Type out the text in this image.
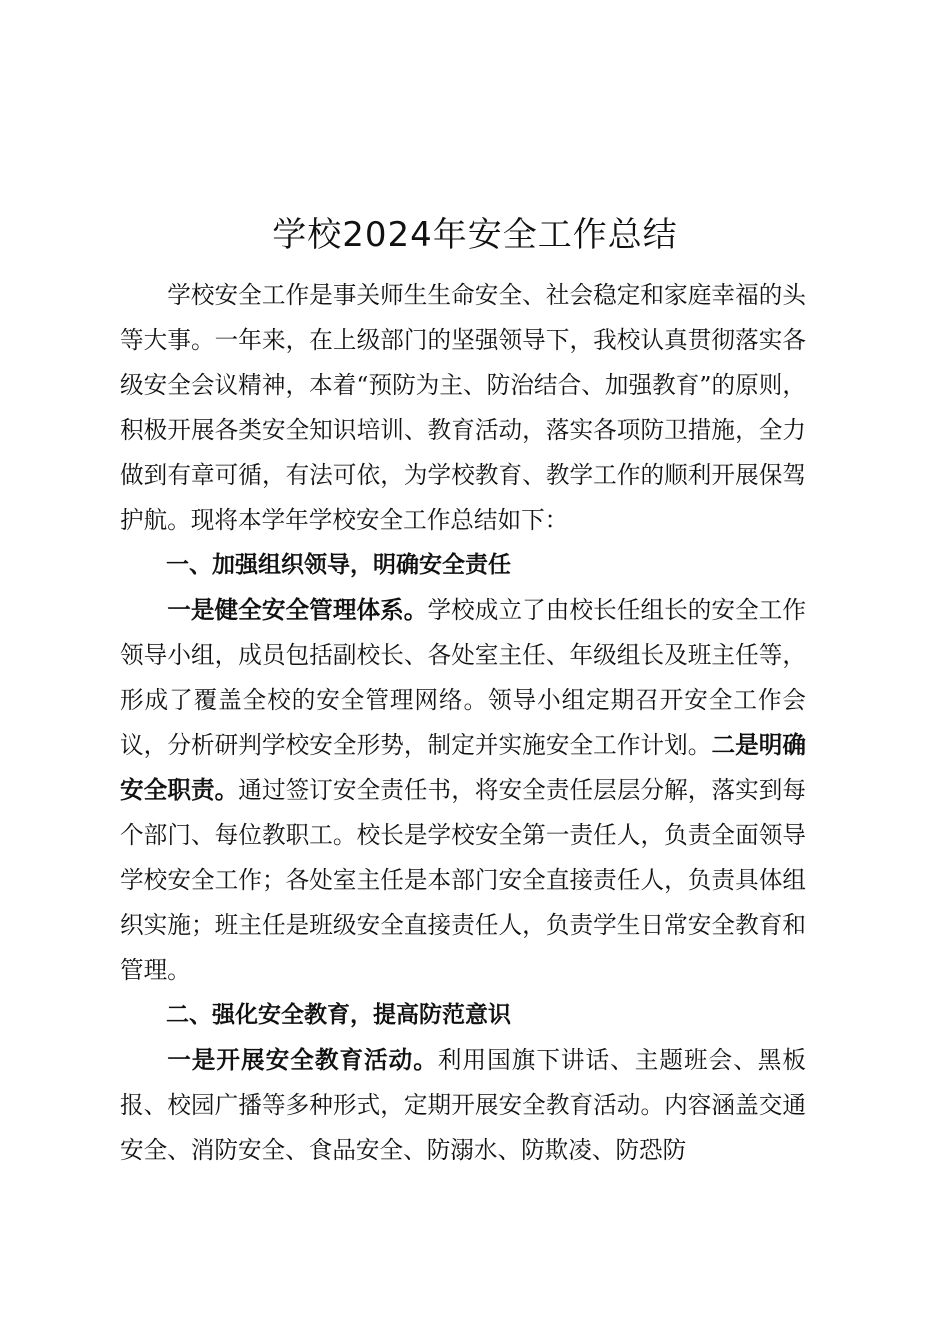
学校2024年安全工作总结

学校安全工作是事关师生生命安全、社会稳定和家庭幸福的头等大事。一年来，在上级部门的坚强领导下，我校认真贯彻落实各级安全会议精神，本着“预防为主、防治结合、加强教育”的原则，积极开展各类安全知识培训、教育活动，落实各项防卫措施，全力做到有章可循，有法可依，为学校教育、教学工作的顺利开展保驾护航。现将本学年学校安全工作总结如下：

一、加强组织领导，明确安全责任

一是健全安全管理体系。学校成立了由校长任组长的安全工作领导小组，成员包括副校长、各处室主任、年级组长及班主任等，形成了覆盖全校的安全管理网络。领导小组定期召开安全工作会议，分析研判学校安全形势，制定并实施安全工作计划。二是明确安全职责。通过签订安全责任书，将安全责任层层分解，落实到每个部门、每位教职工。校长是学校安全第一责任人，负责全面领导学校安全工作；各处室主任是本部门安全直接责任人，负责具体组织实施；班主任是班级安全直接责任人，负责学生日常安全教育和管理。

二、强化安全教育，提高防范意识

一是开展安全教育活动。利用国旗下讲话、主题班会、黑板报、校园广播等多种形式，定期开展安全教育活动。内容涵盖交通安全、消防安全、食品安全、防溺水、防欺凌、防恐防
